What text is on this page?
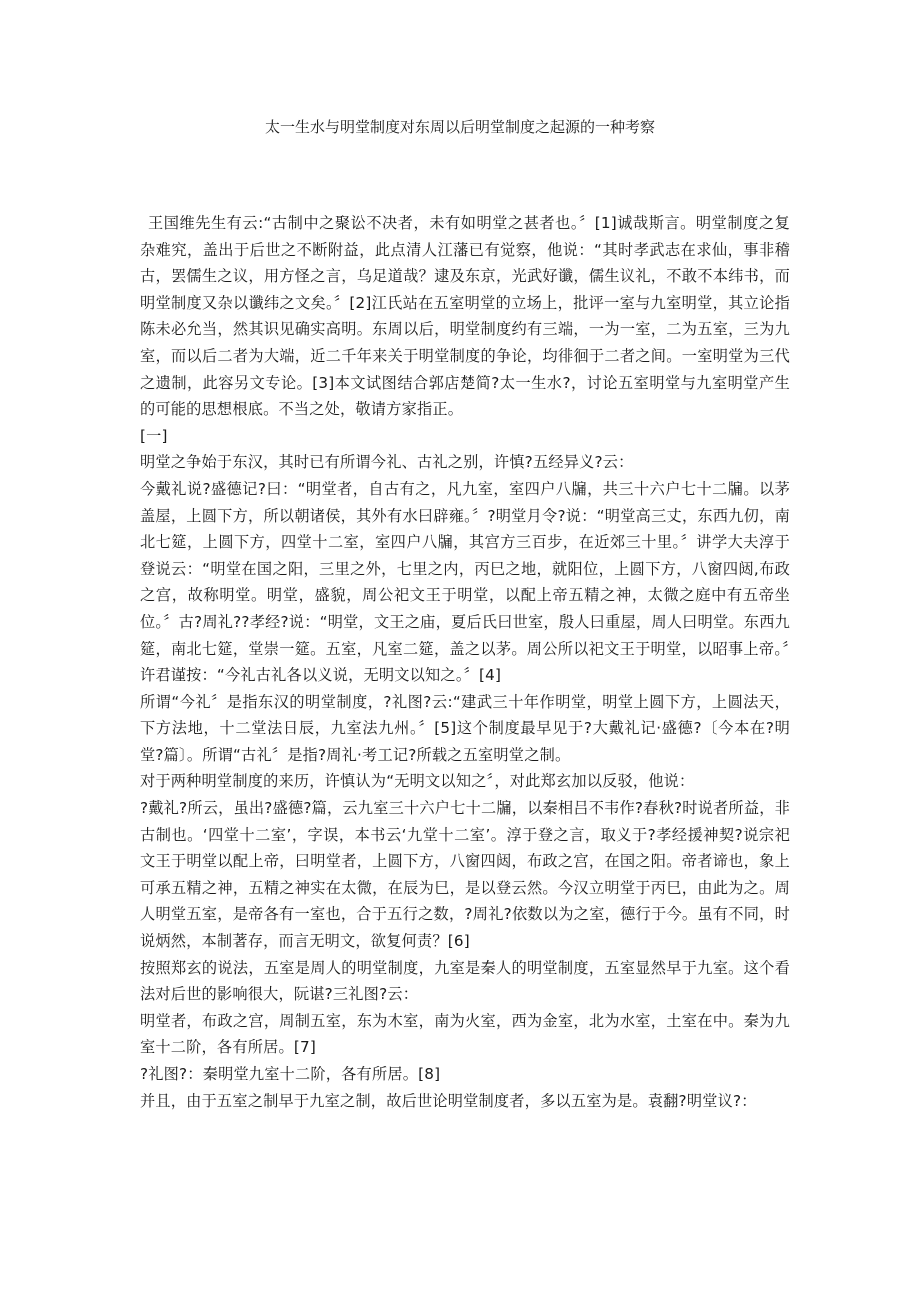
太一生水与明堂制度对东周以后明堂制度之起源的一种考察

王国维先生有云:“古制中之聚讼不决者，未有如明堂之甚者也。〞[1]诚哉斯言。明堂制度之复杂难究，盖出于后世之不断附益，此点清人江藩已有觉察，他说：“其时孝武志在求仙，事非稽古，罢儒生之议，用方怪之言，乌足道哉？逮及东京，光武好谶，儒生议礼，不敢不本纬书，而明堂制度又杂以谶纬之文矣。〞[2]江氏站在五室明堂的立场上，批评一室与九室明堂，其立论指陈未必允当，然其识见确实高明。东周以后，明堂制度约有三端，一为一室，二为五室，三为九室，而以后二者为大端，近二千年来关于明堂制度的争论，均徘徊于二者之间。一室明堂为三代之遗制，此容另文专论。[3]本文试图结合郭店楚简?太一生水?，讨论五室明堂与九室明堂产生的可能的思想根底。不当之处，敬请方家指正。

[一]

明堂之争始于东汉，其时已有所谓今礼、古礼之别，许慎?五经异义?云：

今戴礼说?盛德记?曰：“明堂者，自古有之，凡九室，室四户八牖，共三十六户七十二牖。以茅盖屋，上圆下方，所以朝诸侯，其外有水曰辟雍。〞?明堂月令?说：“明堂高三丈，东西九仞，南北七筵，上圆下方，四堂十二室，室四户八牖，其宫方三百步，在近郊三十里。〞讲学大夫淳于登说云：“明堂在国之阳，三里之外，七里之内，丙巳之地，就阳位，上圆下方，八窗四闼,布政之宫，故称明堂。明堂，盛貌，周公祀文王于明堂，以配上帝五精之神，太微之庭中有五帝坐位。〞古?周礼??孝经?说：“明堂，文王之庙，夏后氏曰世室，殷人曰重屋，周人曰明堂。东西九筵，南北七筵，堂崇一筵。五室，凡室二筵，盖之以茅。周公所以祀文王于明堂，以昭事上帝。〞许君谨按：“今礼古礼各以义说，无明文以知之。〞[4]

所谓“今礼〞是指东汉的明堂制度，?礼图?云:“建武三十年作明堂，明堂上圆下方，上圆法天，下方法地，十二堂法日辰，九室法九州。〞[5]这个制度最早见于?大戴礼记·盛德?〔今本在?明堂?篇〕。所谓“古礼〞是指?周礼·考工记?所载之五室明堂之制。

对于两种明堂制度的来历，许慎认为“无明文以知之〞，对此郑玄加以反驳，他说：

?戴礼?所云，虽出?盛德?篇，云九室三十六户七十二牖，以秦相吕不韦作?春秋?时说者所益，非古制也。‘四堂十二室’，字误，本书云‘九堂十二室’。淳于登之言，取义于?孝经援神契?说宗祀文王于明堂以配上帝，曰明堂者，上圆下方，八窗四闼，布政之宫，在国之阳。帝者谛也，象上可承五精之神，五精之神实在太微，在辰为巳，是以登云然。今汉立明堂于丙巳，由此为之。周人明堂五室，是帝各有一室也，合于五行之数，?周礼?依数以为之室，德行于今。虽有不同，时说炳然，本制著存，而言无明文，欲复何责？[6]

按照郑玄的说法，五室是周人的明堂制度，九室是秦人的明堂制度，五室显然早于九室。这个看法对后世的影响很大，阮谌?三礼图?云：

明堂者，布政之宫，周制五室，东为木室，南为火室，西为金室，北为水室，土室在中。秦为九室十二阶，各有所居。[7]

?礼图?：秦明堂九室十二阶，各有所居。[8]

并且，由于五室之制早于九室之制，故后世论明堂制度者，多以五室为是。袁翻?明堂议?：
